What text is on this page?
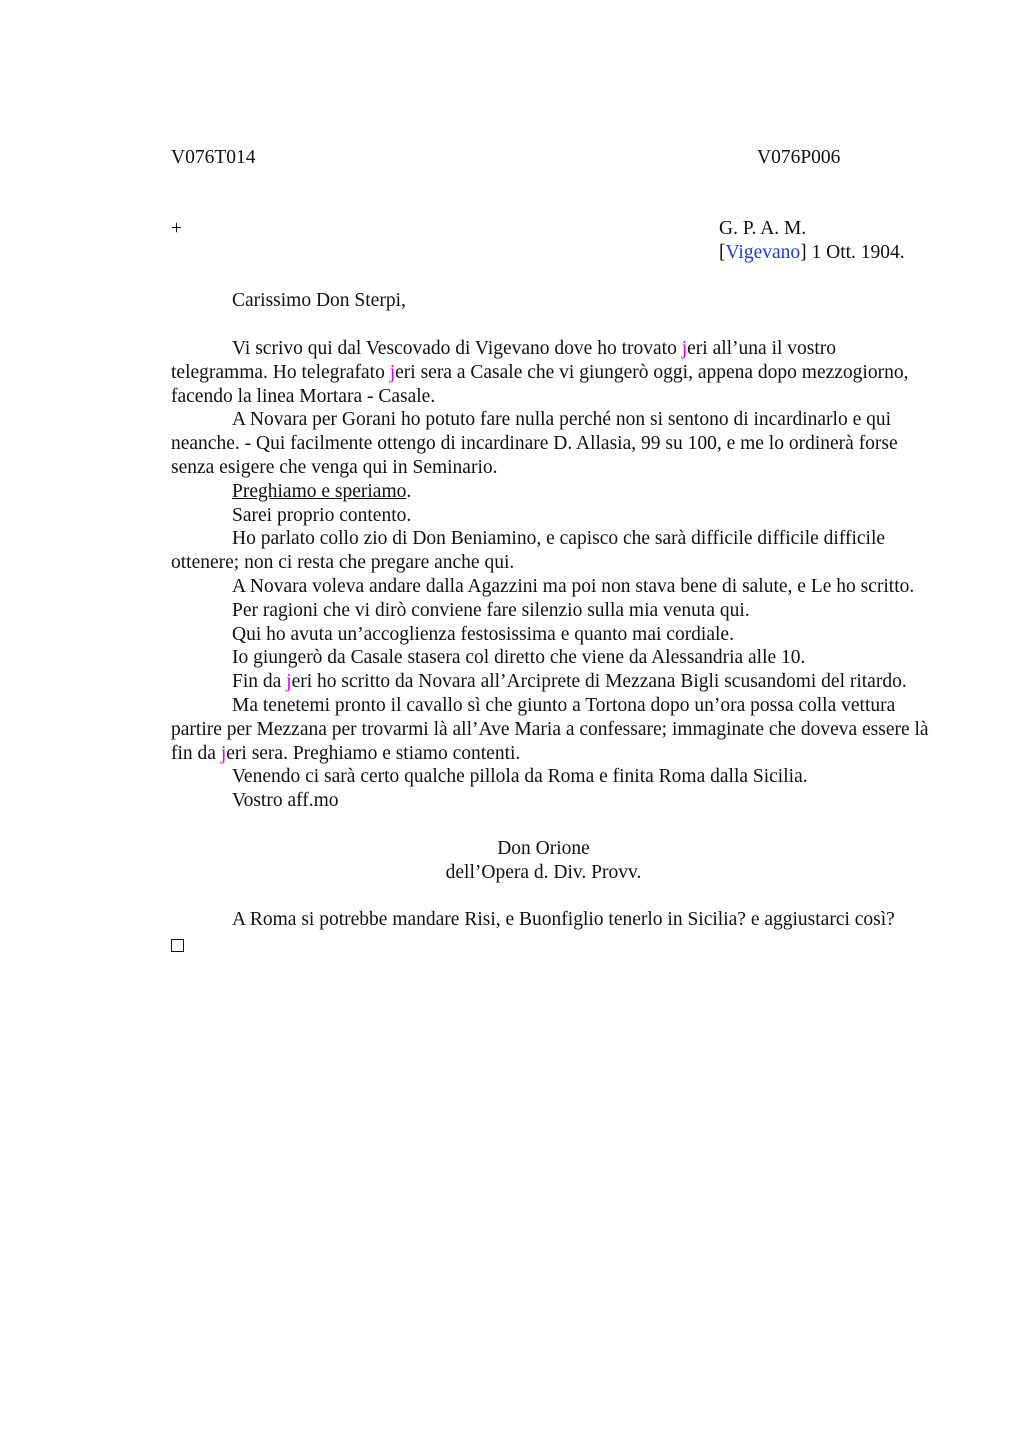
V076T014	V076P006
+	G. P. A. M.
[Vigevano] 1 Ott. 1904.
Carissimo Don Sterpi,

Vi scrivo qui dal Vescovado di Vigevano dove ho trovato jeri all’una il vostro telegramma. Ho telegrafato jeri sera a Casale che vi giungerò oggi, appena dopo mezzogiorno, facendo la linea Mortara - Casale.

A Novara per Gorani ho potuto fare nulla perché non si sentono di incardinarlo e qui neanche. - Qui facilmente ottengo di incardinare D. Allasia, 99 su 100, e me lo ordinerà forse senza esigere che venga qui in Seminario.

Preghiamo e speriamo.

Sarei proprio contento.

Ho parlato collo zio di Don Beniamino, e capisco che sarà difficile difficile difficile ottenere; non ci resta che pregare anche qui.

A Novara voleva andare dalla Agazzini ma poi non stava bene di salute, e Le ho scritto.

Per ragioni che vi dirò conviene fare silenzio sulla mia venuta qui.

Qui ho avuta un’accoglienza festosissima e quanto mai cordiale.

Io giungerò da Casale stasera col diretto che viene da Alessandria alle 10.

Fin da jeri ho scritto da Novara all’Arciprete di Mezzana Bigli scusandomi del ritardo.

Ma tenetemi pronto il cavallo sì che giunto a Tortona dopo un’ora possa colla vettura partire per Mezzana per trovarmi là all’Ave Maria a confessare; immaginate che doveva essere là fin da jeri sera. Preghiamo e stiamo contenti.

Venendo ci sarà certo qualche pillola da Roma e finita Roma dalla Sicilia.

Vostro aff.mo

Don Orione

dell’Opera d. Div. Provv.

A Roma si potrebbe mandare Risi, e Buonfiglio tenerlo in Sicilia? e aggiustarci così?
